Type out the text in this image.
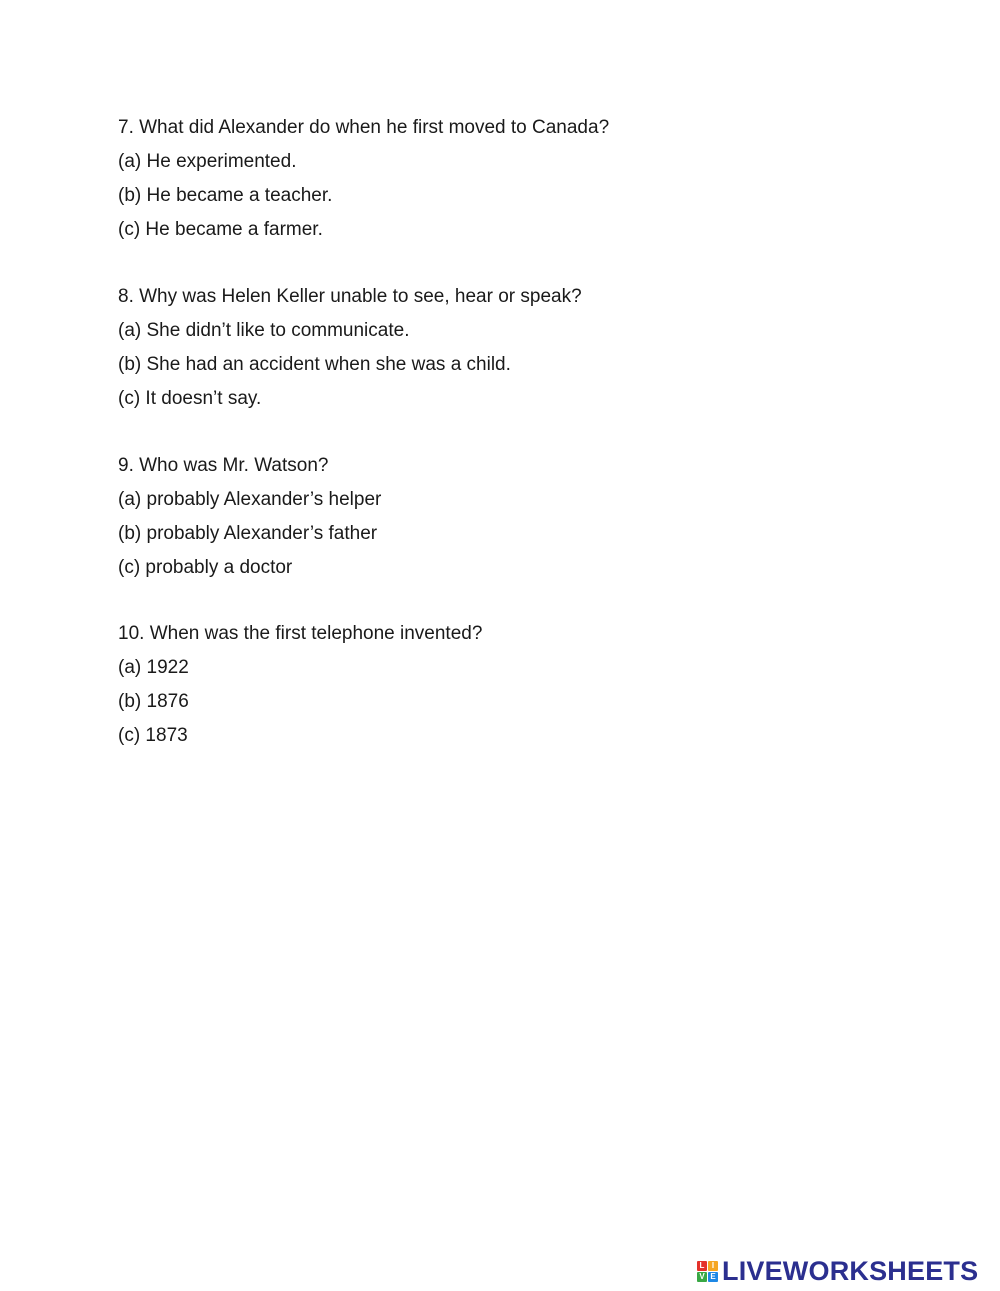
7. What did Alexander do when he first moved to Canada?
(a) He experimented.
(b) He became a teacher.
(c) He became a farmer.
8. Why was Helen Keller unable to see, hear or speak?
(a) She didn’t like to communicate.
(b) She had an accident when she was a child.
(c) It doesn’t say.
9. Who was Mr. Watson?
(a) probably Alexander’s helper
(b) probably Alexander’s father
(c) probably a doctor
10. When was the first telephone invented?
(a) 1922
(b) 1876
(c) 1873
L I
V E LIVEWORKSHEETS
